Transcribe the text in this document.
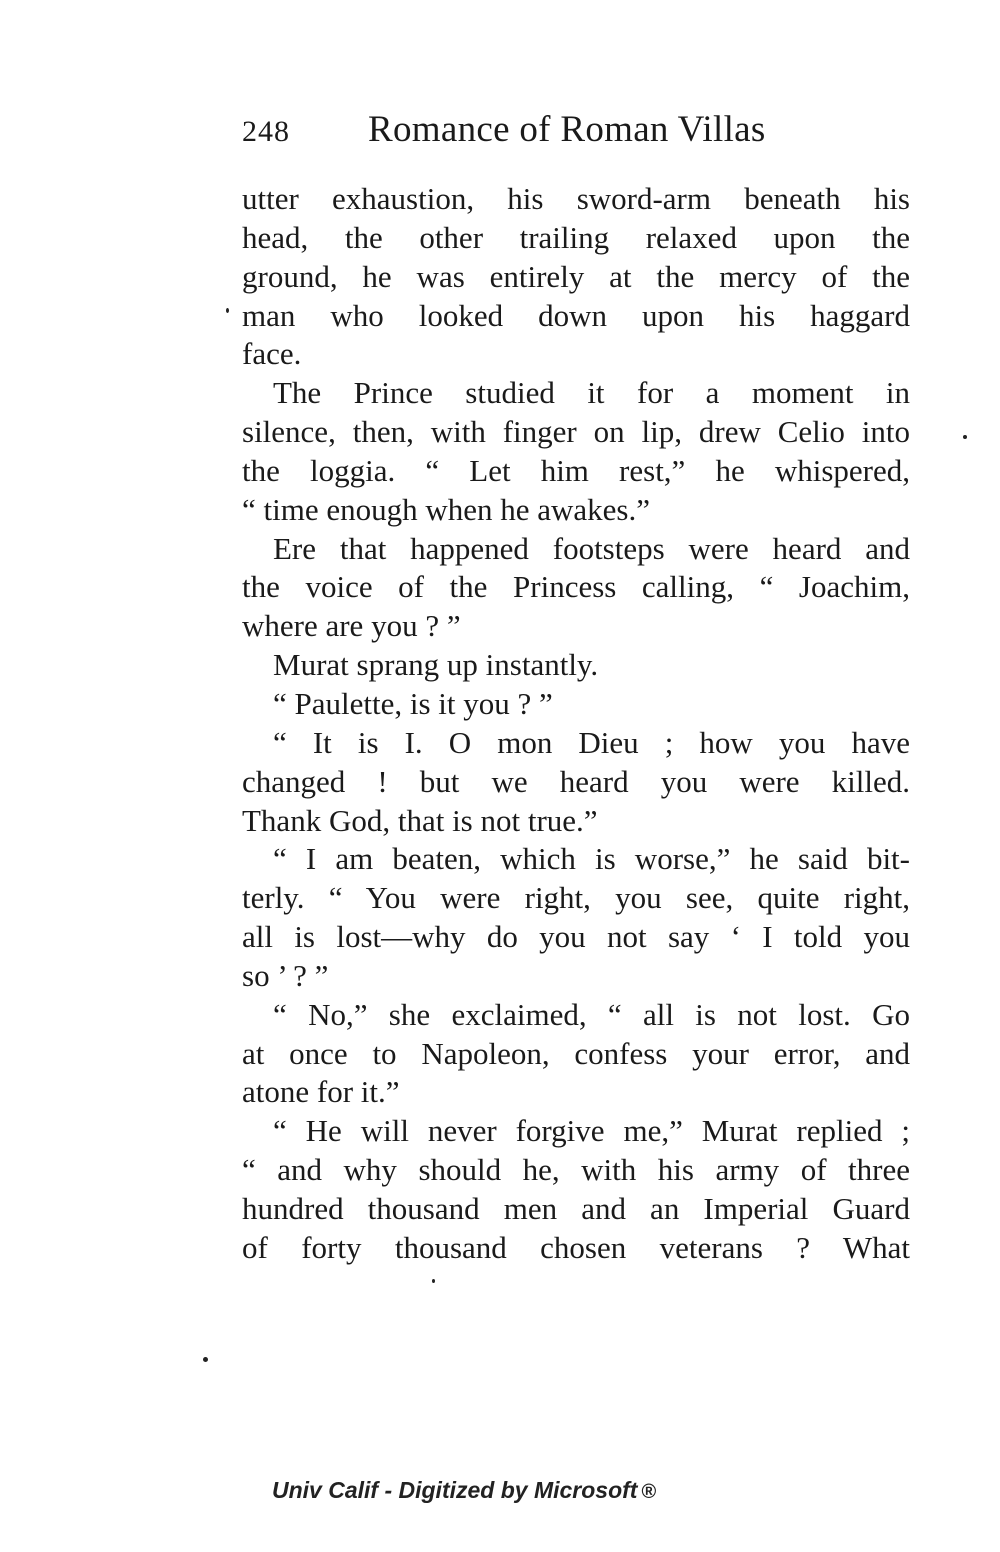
248 Romance of Roman Villas
utter exhaustion, his sword-arm beneath his
head, the other trailing relaxed upon the
ground, he was entirely at the mercy of the
man who looked down upon his haggard
face.
The Prince studied it for a moment in
silence, then, with finger on lip, drew Celio into
the loggia. “ Let him rest,” he whispered,
“ time enough when he awakes.”
Ere that happened footsteps were heard and
the voice of the Princess calling, “ Joachim,
where are you ? ”
Murat sprang up instantly.
“ Paulette, is it you ? ”
“ It is I. O mon Dieu ; how you have
changed ! but we heard you were killed.
Thank God, that is not true.”
“ I am beaten, which is worse,” he said bit-
terly. “ You were right, you see, quite right,
all is lost—why do you not say ‘ I told you
so ’ ? ”
“ No,” she exclaimed, “ all is not lost. Go
at once to Napoleon, confess your error, and
atone for it.”
“ He will never forgive me,” Murat replied ;
“ and why should he, with his army of three
hundred thousand men and an Imperial Guard
of forty thousand chosen veterans ? What
Univ Calif - Digitized by Microsoft ®
